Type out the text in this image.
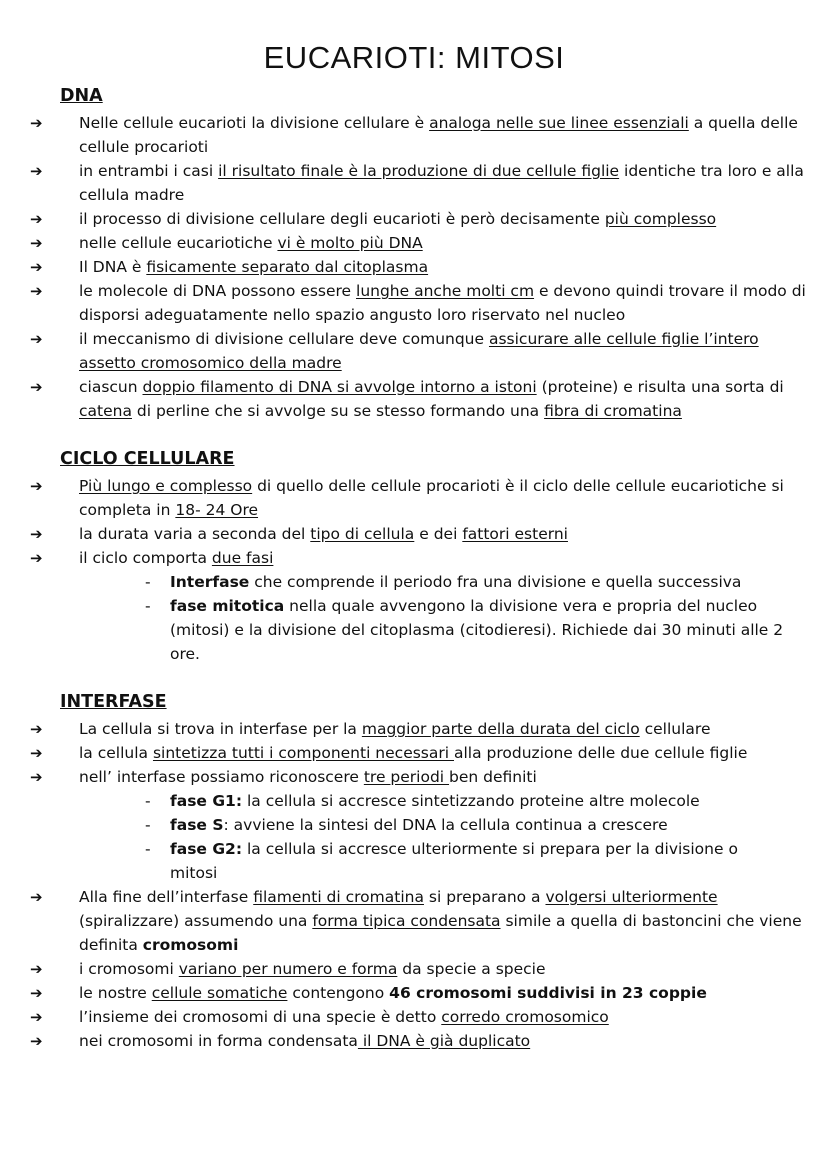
EUCARIOTI: MITOSI
DNA
➔ Nelle cellule eucarioti la divisione cellulare è analoga nelle sue linee essenziali a quella delle cellule procarioti
➔ in entrambi i casi il risultato finale è la produzione di due cellule figlie identiche tra loro e alla cellula madre
➔ il processo di divisione cellulare degli eucarioti è però decisamente più complesso
➔ nelle cellule eucariotiche vi è molto più DNA
➔ Il DNA è fisicamente separato dal citoplasma
➔ le molecole di DNA possono essere lunghe anche molti cm e devono quindi trovare il modo di disporsi adeguatamente nello spazio angusto loro riservato nel nucleo
➔ il meccanismo di divisione cellulare deve comunque assicurare alle cellule figlie l’intero assetto cromosomico della madre
➔ ciascun doppio filamento di DNA si avvolge intorno a istoni (proteine) e risulta una sorta di catena di perline che si avvolge su se stesso formando una fibra di cromatina
CICLO CELLULARE
➔ Più lungo e complesso di quello delle cellule procarioti è il ciclo delle cellule eucariotiche si completa in 18- 24 Ore
➔ la durata varia a seconda del tipo di cellula e dei fattori esterni
➔ il ciclo comporta due fasi
- Interfase che comprende il periodo fra una divisione e quella successiva
- fase mitotica nella quale avvengono la divisione vera e propria del nucleo (mitosi) e la divisione del citoplasma (citodieresi). Richiede dai 30 minuti alle 2 ore.
INTERFASE
➔ La cellula si trova in interfase per la maggior parte della durata del ciclo cellulare
➔ la cellula sintetizza tutti i componenti necessari alla produzione delle due cellule figlie
➔ nell’ interfase possiamo riconoscere tre periodi ben definiti
- fase G1: la cellula si accresce sintetizzando proteine altre molecole
- fase S: avviene la sintesi del DNA la cellula continua a crescere
- fase G2: la cellula si accresce ulteriormente si prepara per la divisione o mitosi
➔ Alla fine dell’interfase filamenti di cromatina si preparano a volgersi ulteriormente (spiralizzare) assumendo una forma tipica condensata simile a quella di bastoncini che viene definita cromosomi
➔ i cromosomi variano per numero e forma da specie a specie
➔ le nostre cellule somatiche contengono 46 cromosomi suddivisi in 23 coppie
➔ l’insieme dei cromosomi di una specie è detto corredo cromosomico
➔ nei cromosomi in forma condensata il DNA è già duplicato
